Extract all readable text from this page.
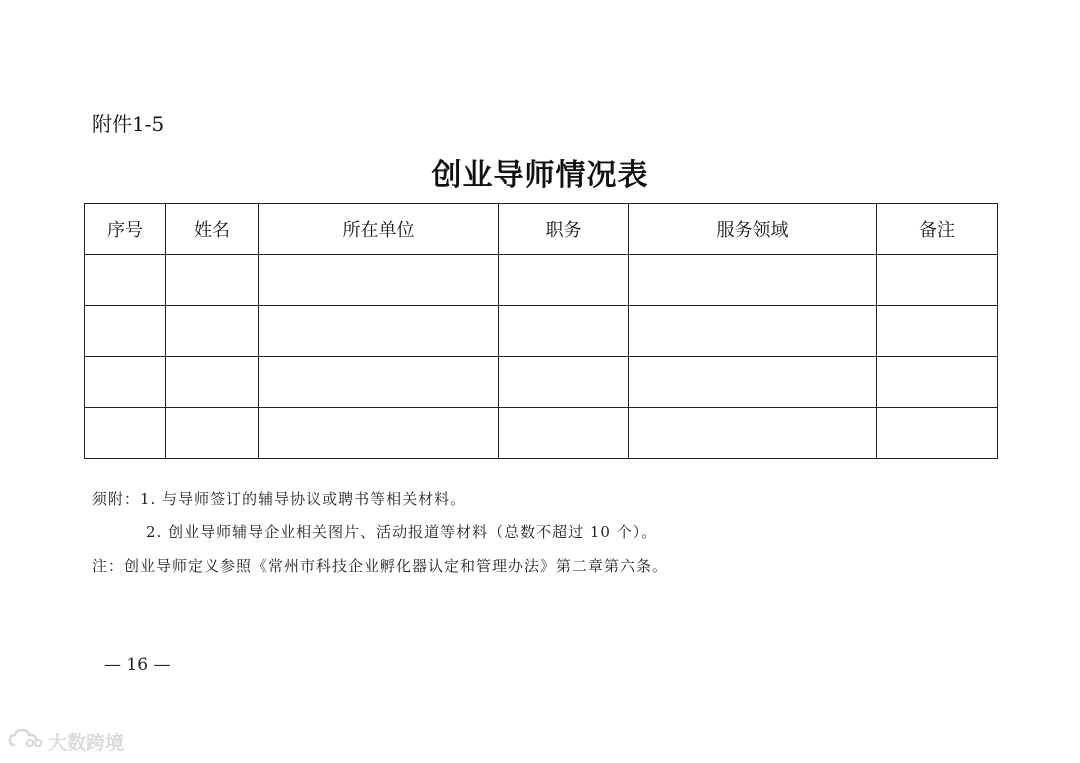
附件1-5
创业导师情况表
序号	姓名	所在单位	职务	服务领域	备注

须附：1. 与导师签订的辅导协议或聘书等相关材料。
2. 创业导师辅导企业相关图片、活动报道等材料（总数不超过 10 个）。
注：创业导师定义参照《常州市科技企业孵化器认定和管理办法》第二章第六条。
— 16 —
大数跨境
